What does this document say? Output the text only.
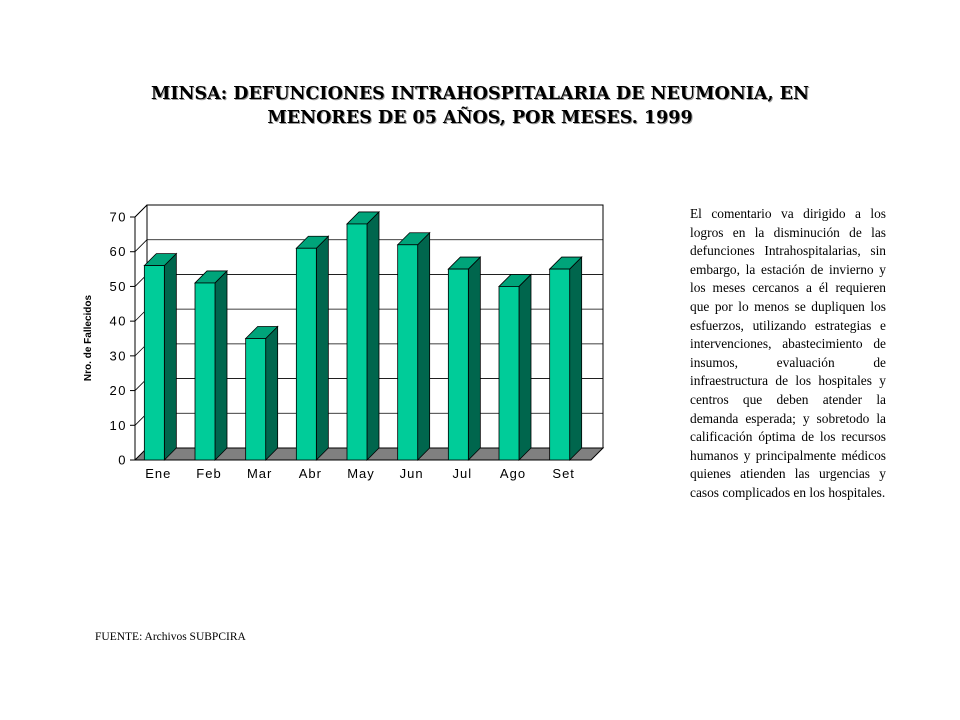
MINSA: DEFUNCIONES INTRAHOSPITALARIA DE NEUMONIA, EN
MENORES DE 05 AÑOS, POR MESES. 1999
0
10
20
30
40
50
60
70
Ene Feb Mar Abr May Jun Jul Ago Set
Nro. de Fallecidos
El comentario va dirigido a los logros en la disminución de las defunciones Intrahospitalarias, sin embargo, la estación de invierno y los meses cercanos a él requieren que por lo menos se dupliquen los esfuerzos, utilizando estrategias e intervenciones, abastecimiento de insumos, evaluación de infraestructura de los hospitales y centros que deben atender la demanda esperada; y sobretodo la calificación óptima de los recursos humanos y principalmente médicos quienes atienden las urgencias y casos complicados en los hospitales.
FUENTE: Archivos SUBPCIRA
